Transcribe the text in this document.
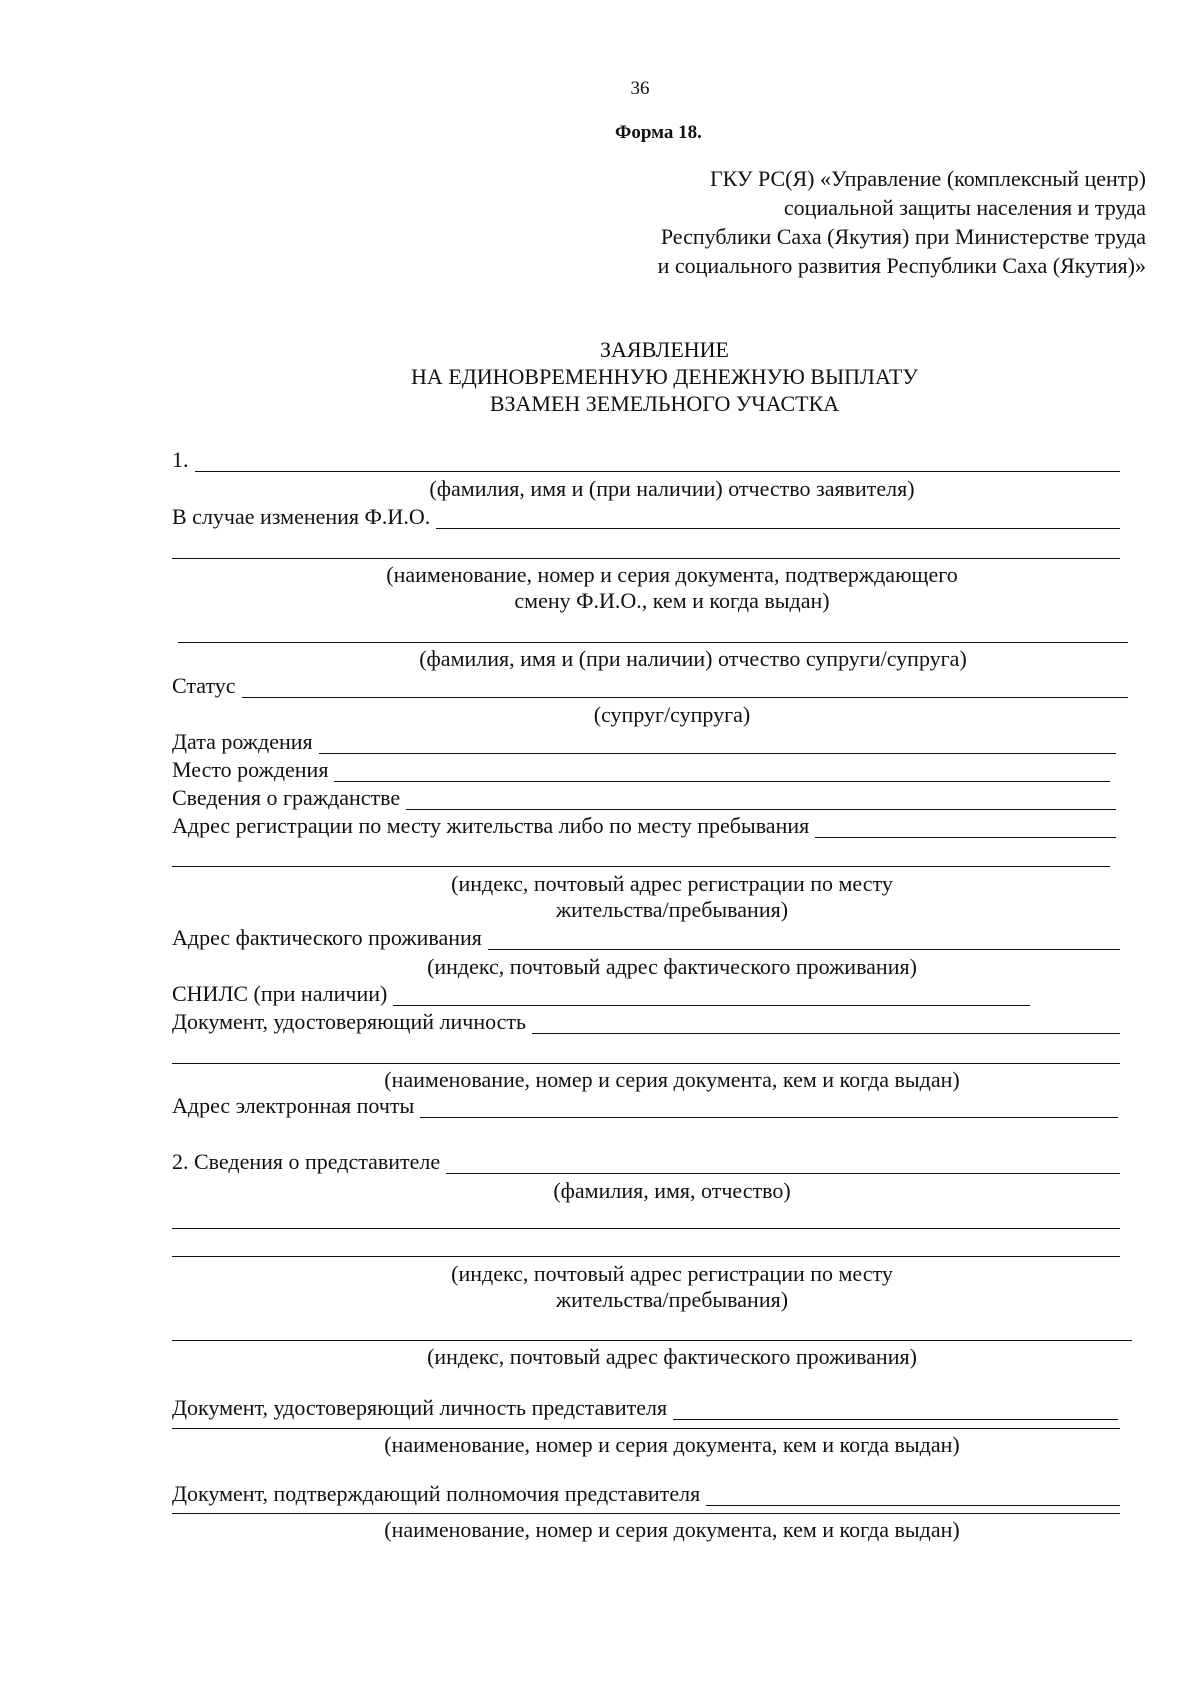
36
Форма 18.
ГКУ РС(Я) «Управление (комплексный центр)
социальной защиты населения и труда
Республики Саха (Якутия) при Министерстве труда
и социального развития Республики Саха (Якутия)»
ЗАЯВЛЕНИЕ
НА ЕДИНОВРЕМЕННУЮ ДЕНЕЖНУЮ ВЫПЛАТУ
ВЗАМЕН ЗЕМЕЛЬНОГО УЧАСТКА
1.
(фамилия, имя и (при наличии) отчество заявителя)
В случае изменения Ф.И.О.
(наименование, номер и серия документа, подтверждающего
смену Ф.И.О., кем и когда выдан)
(фамилия, имя и (при наличии) отчество супруги/супруга)
Статус
(супруг/супруга)
Дата рождения
Место рождения
Сведения о гражданстве
Адрес регистрации по месту жительства либо по месту пребывания
(индекс, почтовый адрес регистрации по месту
жительства/пребывания)
Адрес фактического проживания
(индекс, почтовый адрес фактического проживания)
СНИЛС (при наличии)
Документ, удостоверяющий личность
(наименование, номер и серия документа, кем и когда выдан)
Адрес электронная почты
2. Сведения о представителе
(фамилия, имя, отчество)
(индекс, почтовый адрес регистрации по месту
жительства/пребывания)
(индекс, почтовый адрес фактического проживания)
Документ, удостоверяющий личность представителя
(наименование, номер и серия документа, кем и когда выдан)
Документ, подтверждающий полномочия представителя
(наименование, номер и серия документа, кем и когда выдан)
